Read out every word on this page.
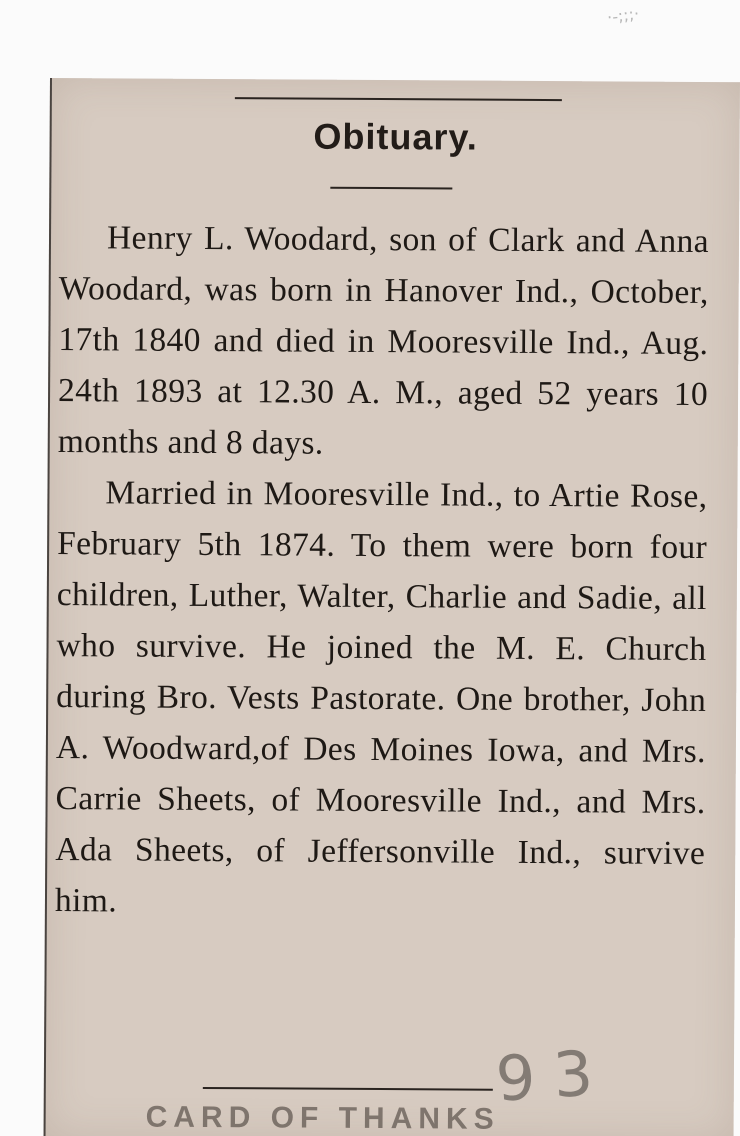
·-;;;·
Obituary.

Henry L. Woodard, son of Clark and Anna Woodard, was born in Hanover Ind., October, 17th 1840 and died in Mooresville Ind., Aug. 24th 1893 at 12.30 A. M., aged 52 years 10 months and 8 days.

Married in Mooresville Ind., to Artie Rose, February 5th 1874. To them were born four children, Luther, Walter, Charlie and Sadie, all who survive. He joined the M. E. Church during Bro. Vests Pastorate. One brother, John A. Woodward,of Des Moines Iowa, and Mrs. Carrie Sheets, of Mooresville Ind., and Mrs. Ada Sheets, of Jeffersonville Ind., survive him.

93
CARD OF THANKS
